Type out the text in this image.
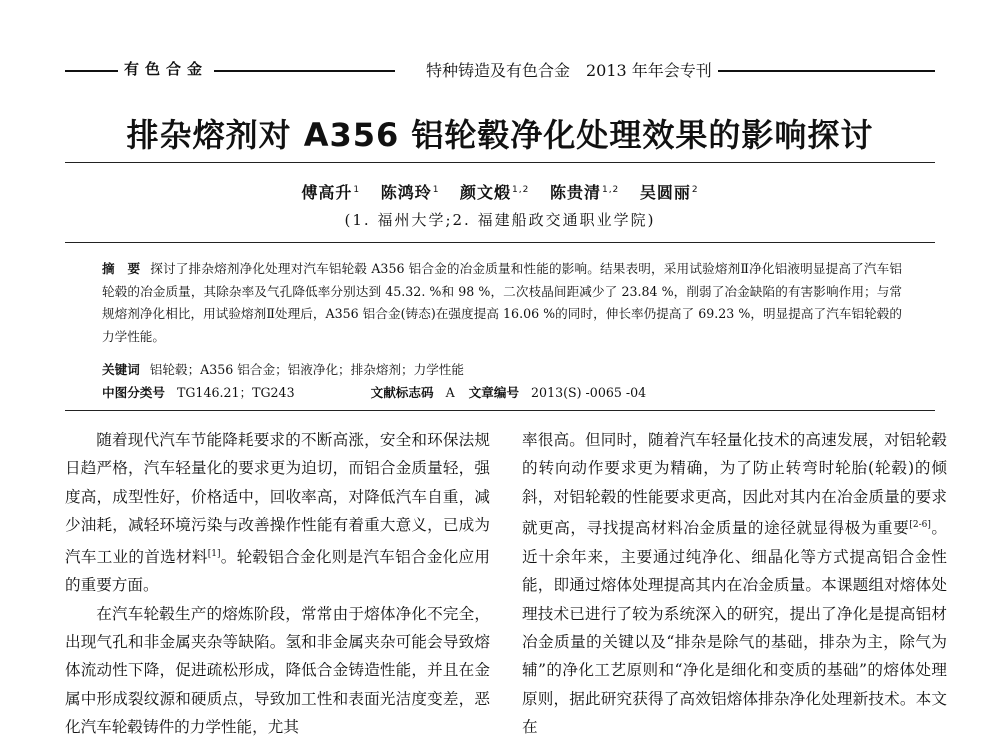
有色合金	特种铸造及有色合金　2013 年年会专刊
排杂熔剂对 A356 铝轮毂净化处理效果的影响探讨
傅高升$^1$ 陈鸿玲$^1$ 颜文煅$^{1,2}$ 陈贵清$^{1,2}$ 吴圆丽$^2$
(1. 福州大学;2. 福建船政交通职业学院)
摘　要 探讨了排杂熔剂净化处理对汽车铝轮毂 A356 铝合金的冶金质量和性能的影响。结果表明，采用试验熔剂Ⅱ净化铝液明显提高了汽车铝轮毂的冶金质量，其除杂率及气孔降低率分别达到 45.32. %和 98 %，二次枝晶间距减少了 23.84 %，削弱了冶金缺陷的有害影响作用；与常规熔剂净化相比，用试验熔剂Ⅱ处理后，A356 铝合金(铸态)在强度提高 16.06 %的同时，伸长率仍提高了 69.23 %，明显提高了汽车铝轮毂的力学性能。
关键词 铝轮毂；A356 铝合金；铝液净化；排杂熔剂；力学性能
中图分类号 TG146.21；TG243	文献标志码 A 文章编号 2013(S) -0065 -04

随着现代汽车节能降耗要求的不断高涨，安全和环保法规日趋严格，汽车轻量化的要求更为迫切，而铝合金质量轻，强度高，成型性好，价格适中，回收率高，对降低汽车自重，减少油耗，减轻环境污染与改善操作性能有着重大意义，已成为汽车工业的首选材料[1]。轮毂铝合金化则是汽车铝合金化应用的重要方面。

在汽车轮毂生产的熔炼阶段，常常由于熔体净化不完全，出现气孔和非金属夹杂等缺陷。氢和非金属夹杂可能会导致熔体流动性下降，促进疏松形成，降低合金铸造性能，并且在金属中形成裂纹源和硬质点，导致加工性和表面光洁度变差，恶化汽车轮毂铸件的力学性能，尤其

率很高。但同时，随着汽车轻量化技术的高速发展，对铝轮毂的转向动作要求更为精确，为了防止转弯时轮胎(轮毂)的倾斜，对铝轮毂的性能要求更高，因此对其内在冶金质量的要求就更高，寻找提高材料冶金质量的途径就显得极为重要[2-6]。近十余年来，主要通过纯净化、细晶化等方式提高铝合金性能，即通过熔体处理提高其内在冶金质量。本课题组对熔体处理技术已进行了较为系统深入的研究，提出了净化是提高铝材冶金质量的关键以及“排杂是除气的基础，排杂为主，除气为辅”的净化工艺原则和“净化是细化和变质的基础”的熔体处理原则，据此研究获得了高效铝熔体排杂净化处理新技术。本文在
